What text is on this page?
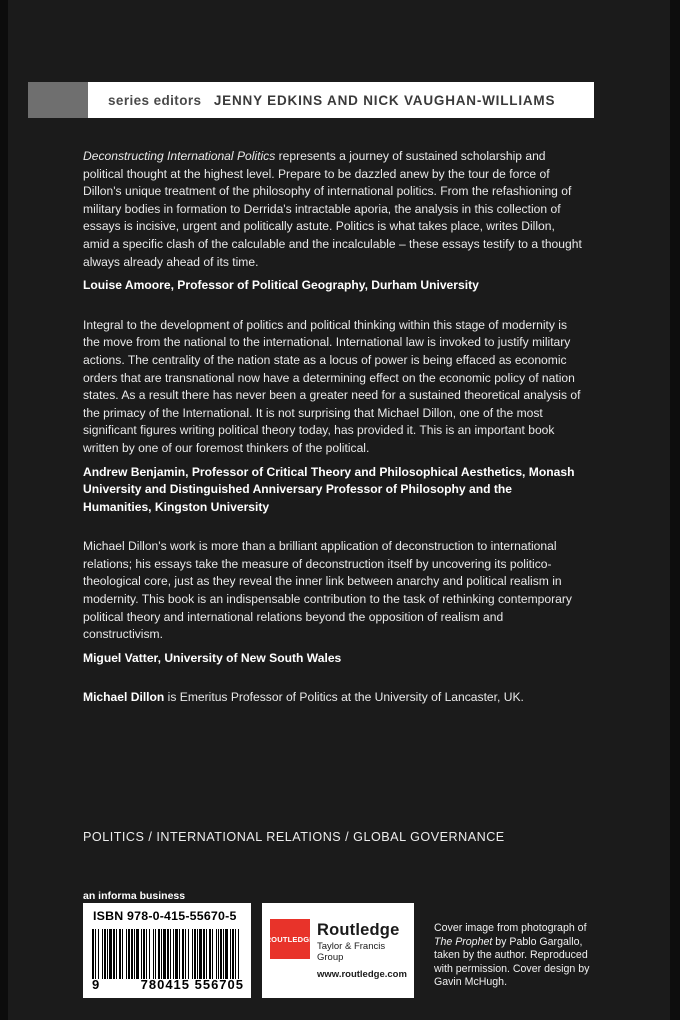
series editors JENNY EDKINS AND NICK VAUGHAN-WILLIAMS

Deconstructing International Politics represents a journey of sustained scholarship and political thought at the highest level. Prepare to be dazzled anew by the tour de force of Dillon's unique treatment of the philosophy of international politics. From the refashioning of military bodies in formation to Derrida's intractable aporia, the analysis in this collection of essays is incisive, urgent and politically astute. Politics is what takes place, writes Dillon, amid a specific clash of the calculable and the incalculable – these essays testify to a thought always already ahead of its time.

Louise Amoore, Professor of Political Geography, Durham University

Integral to the development of politics and political thinking within this stage of modernity is the move from the national to the international. International law is invoked to justify military actions. The centrality of the nation state as a locus of power is being effaced as economic orders that are transnational now have a determining effect on the economic policy of nation states. As a result there has never been a greater need for a sustained theoretical analysis of the primacy of the International. It is not surprising that Michael Dillon, one of the most significant figures writing political theory today, has provided it. This is an important book written by one of our foremost thinkers of the political.

Andrew Benjamin, Professor of Critical Theory and Philosophical Aesthetics, Monash University and Distinguished Anniversary Professor of Philosophy and the Humanities, Kingston University

Michael Dillon's work is more than a brilliant application of deconstruction to international relations; his essays take the measure of deconstruction itself by uncovering its politico-theological core, just as they reveal the inner link between anarchy and political realism in modernity. This book is an indispensable contribution to the task of rethinking contemporary political theory and international relations beyond the opposition of realism and constructivism.

Miguel Vatter, University of New South Wales

Michael Dillon is Emeritus Professor of Politics at the University of Lancaster, UK.

POLITICS / INTERNATIONAL RELATIONS / GLOBAL GOVERNANCE
an informa business
ISBN 978-0-415-55670-5
9	780415 556705
ROUTLEDGE Routledge
Taylor & Francis Group
www.routledge.com
Cover image from photograph of The Prophet by Pablo Gargallo, taken by the author. Reproduced with permission. Cover design by Gavin McHugh.
